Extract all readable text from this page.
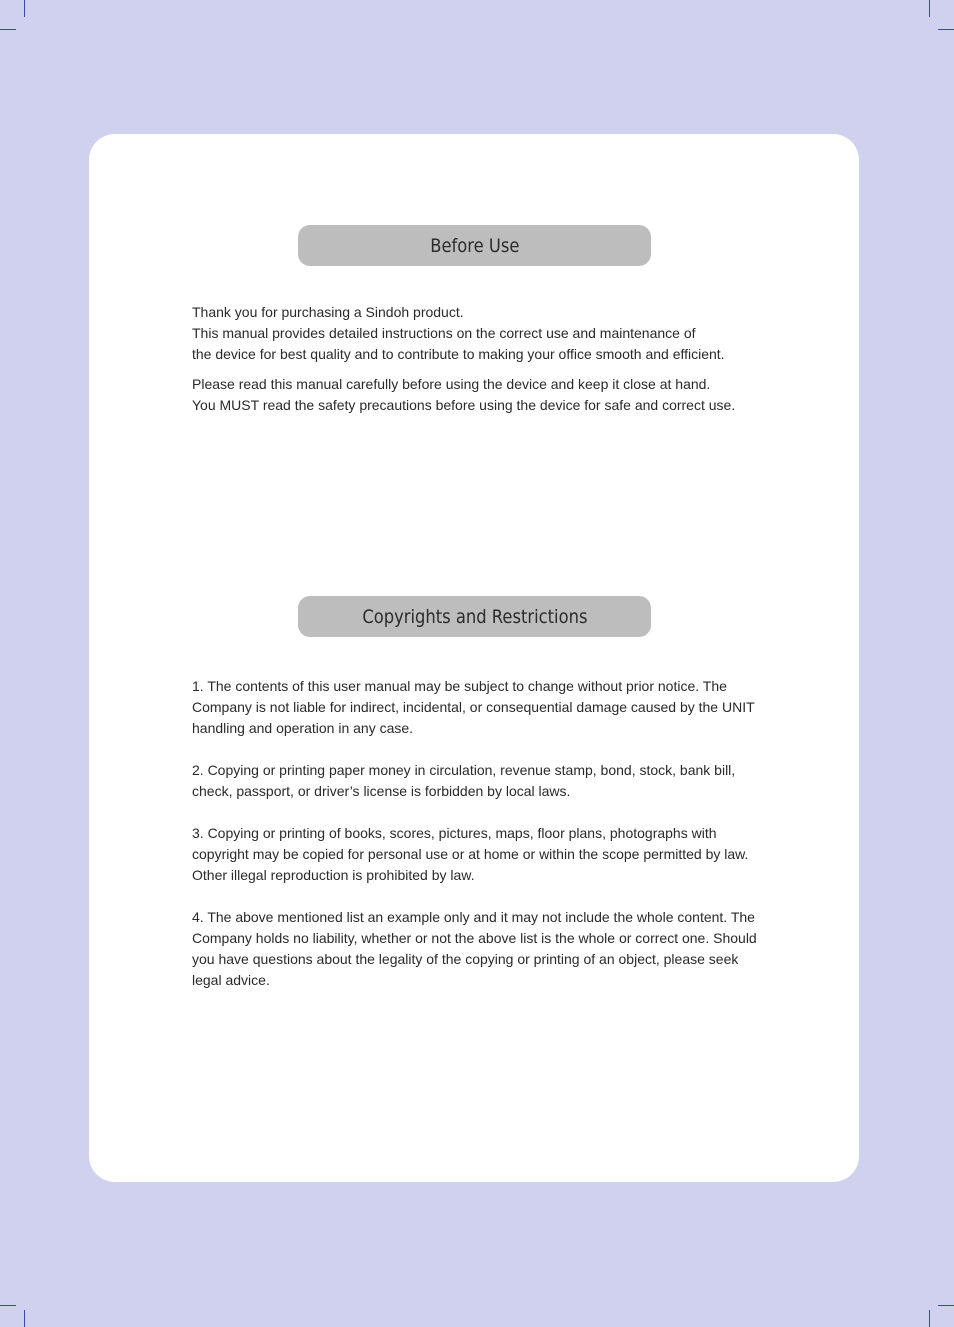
Before Use

Thank you for purchasing a Sindoh product.
This manual provides detailed instructions on the correct use and maintenance of
the device for best quality and to contribute to making your office smooth and efficient.

Please read this manual carefully before using the device and keep it close at hand.
You MUST read the safety precautions before using the device for safe and correct use.

Copyrights and Restrictions

1. The contents of this user manual may be subject to change without prior notice. The
Company is not liable for indirect, incidental, or consequential damage caused by the UNIT
handling and operation in any case.

2. Copying or printing paper money in circulation, revenue stamp, bond, stock, bank bill,
check, passport, or driver’s license is forbidden by local laws.

3. Copying or printing of books, scores, pictures, maps, floor plans, photographs with
copyright may be copied for personal use or at home or within the scope permitted by law.
Other illegal reproduction is prohibited by law.

4. The above mentioned list an example only and it may not include the whole content. The
Company holds no liability, whether or not the above list is the whole or correct one. Should
you have questions about the legality of the copying or printing of an object, please seek
legal advice.
